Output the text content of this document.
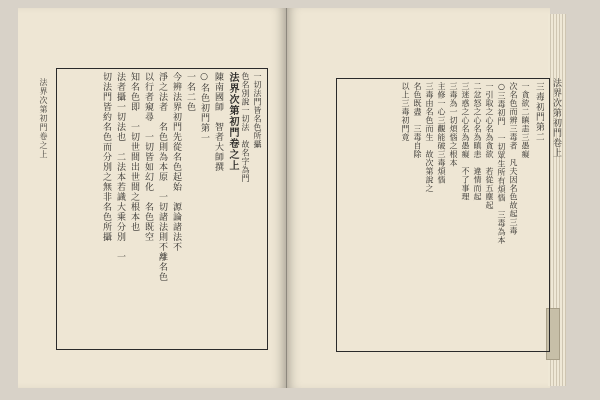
法界次第初門卷之上	法界次第初門卷上
一切法門皆名色所攝
色名別說一切法　故名字為門
法界次第初門卷之上
陳南國師　智者大師撰
○名色初門第一
一名二色
今辨法界初門先從名色起始　源論諸法不
淨之法者　名色則為本原　一切諸法則不離名色
以行者窺尋　一切皆如幻化　名色既空
知名色即　一切世間出世間之根本也
法者攝一切法也　二法本若識大乘分別　一
切法門皆約名色而分別之無非名色所攝	三毒初門第二
一貪欲二瞋恚三愚癡
次名色而辨三毒者　凡夫因名色故起三毒
○三毒初門　一切眾生所有煩惱　三毒為本
一引取之心名為貪欲　若從五塵起
二忿怒之心名為瞋恚　違情而起
三迷惑之心名為愚癡　不了事理
三毒為一切煩惱之根本
主修一心三觀能破三毒煩惱
三毒由名色而生　故次第說之
名色既盡　三毒自除
以上三毒初門竟
